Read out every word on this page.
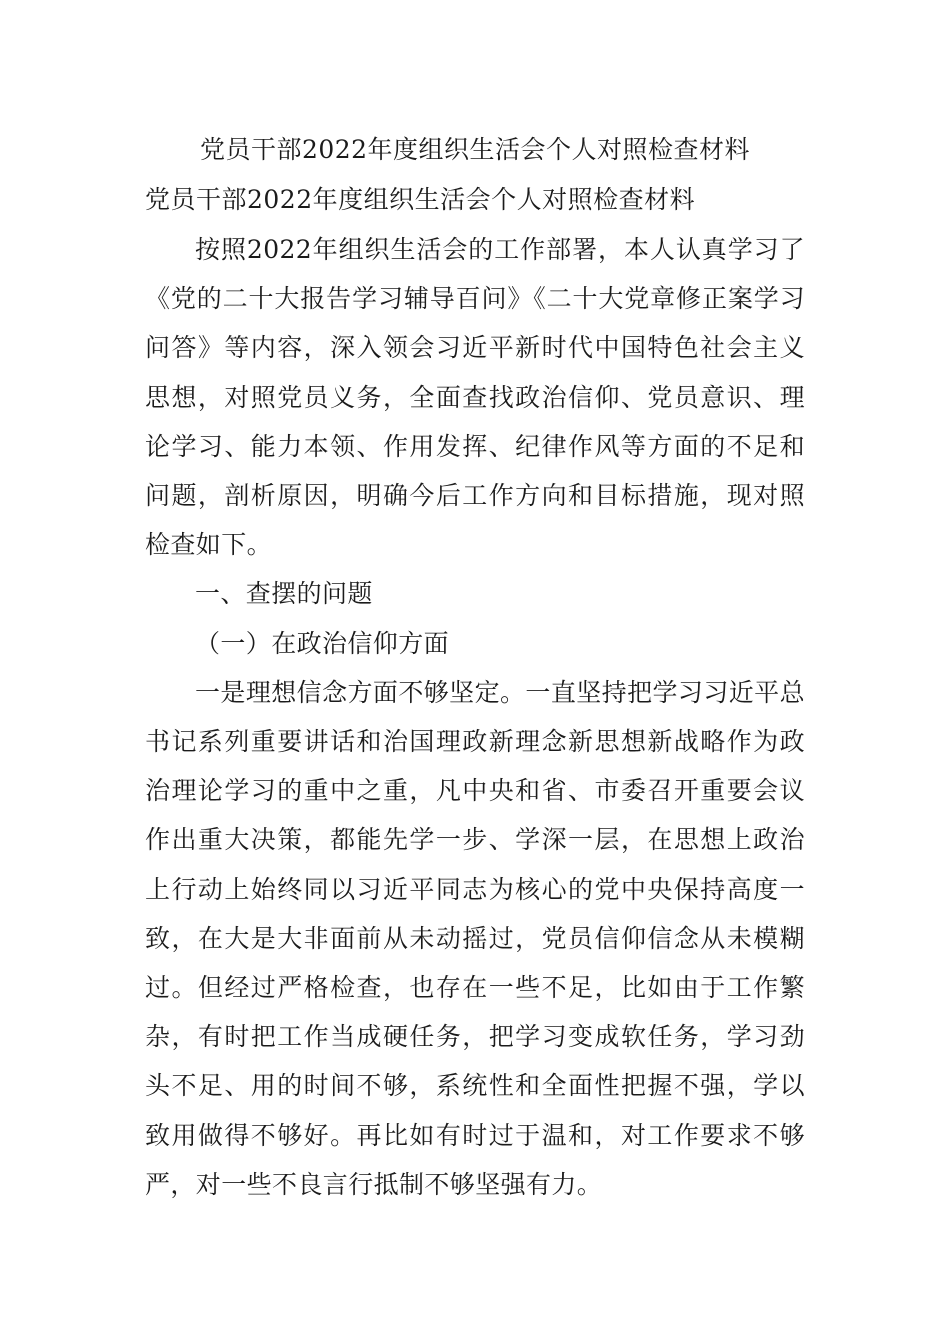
党员干部2022年度组织生活会个人对照检查材料
党员干部2022年度组织生活会个人对照检查材料

按照2022年组织生活会的工作部署，本人认真学习了《党的二十大报告学习辅导百问》《二十大党章修正案学习问答》等内容，深入领会习近平新时代中国特色社会主义思想，对照党员义务，全面查找政治信仰、党员意识、理论学习、能力本领、作用发挥、纪律作风等方面的不足和问题，剖析原因，明确今后工作方向和目标措施，现对照检查如下。

一、查摆的问题

（一）在政治信仰方面

一是理想信念方面不够坚定。一直坚持把学习习近平总书记系列重要讲话和治国理政新理念新思想新战略作为政治理论学习的重中之重，凡中央和省、市委召开重要会议作出重大决策，都能先学一步、学深一层，在思想上政治上行动上始终同以习近平同志为核心的党中央保持高度一致，在大是大非面前从未动摇过，党员信仰信念从未模糊过。但经过严格检查，也存在一些不足，比如由于工作繁杂，有时把工作当成硬任务，把学习变成软任务，学习劲头不足、用的时间不够，系统性和全面性把握不强，学以致用做得不够好。再比如有时过于温和，对工作要求不够严，对一些不良言行抵制不够坚强有力。
